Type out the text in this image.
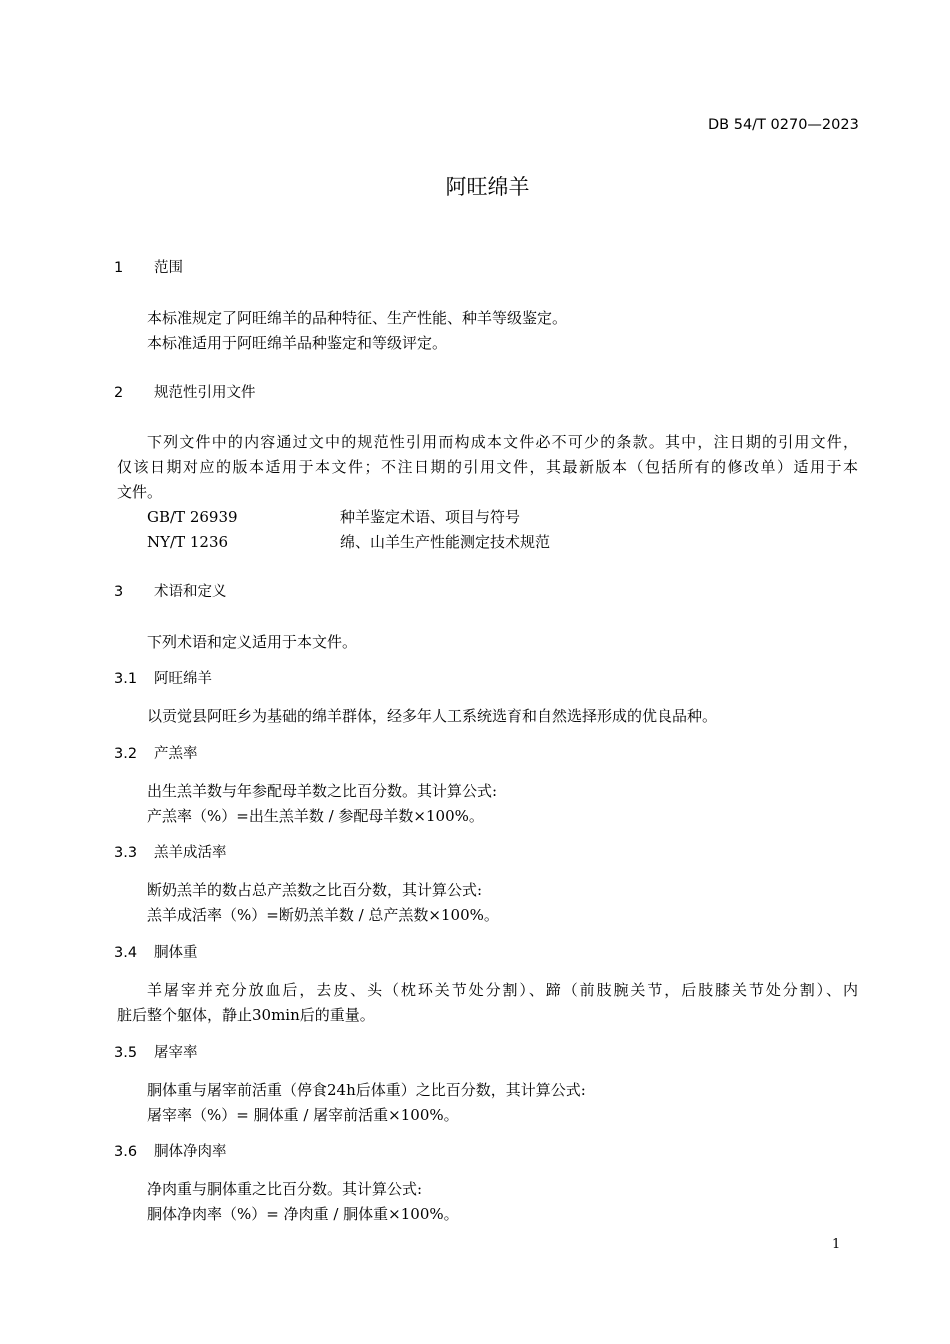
DB 54/T 0270—2023
阿旺绵羊
1 范围
本标准规定了阿旺绵羊的品种特征、生产性能、种羊等级鉴定。
本标准适用于阿旺绵羊品种鉴定和等级评定。
2 规范性引用文件
下列文件中的内容通过文中的规范性引用而构成本文件必不可少的条款。其中，注日期的引用文件，
仅该日期对应的版本适用于本文件；不注日期的引用文件，其最新版本（包括所有的修改单）适用于本
文件。
GB/T 26939	种羊鉴定术语、项目与符号
NY/T 1236	绵、山羊生产性能测定技术规范
3 术语和定义
下列术语和定义适用于本文件。
3.1 阿旺绵羊
以贡觉县阿旺乡为基础的绵羊群体，经多年人工系统选育和自然选择形成的优良品种。
3.2 产羔率
出生羔羊数与年参配母羊数之比百分数。其计算公式:
产羔率（%）=出生羔羊数 / 参配母羊数×100%。
3.3 羔羊成活率
断奶羔羊的数占总产羔数之比百分数，其计算公式:
羔羊成活率（%）=断奶羔羊数 / 总产羔数×100%。
3.4 胴体重
羊屠宰并充分放血后，去皮、头（枕环关节处分割）、蹄（前肢腕关节，后肢膝关节处分割）、内
脏后整个躯体，静止30min后的重量。
3.5 屠宰率
胴体重与屠宰前活重（停食24h后体重）之比百分数，其计算公式:
屠宰率（%）= 胴体重 / 屠宰前活重×100%。
3.6 胴体净肉率
净肉重与胴体重之比百分数。其计算公式:
胴体净肉率（%）= 净肉重 / 胴体重×100%。
1
